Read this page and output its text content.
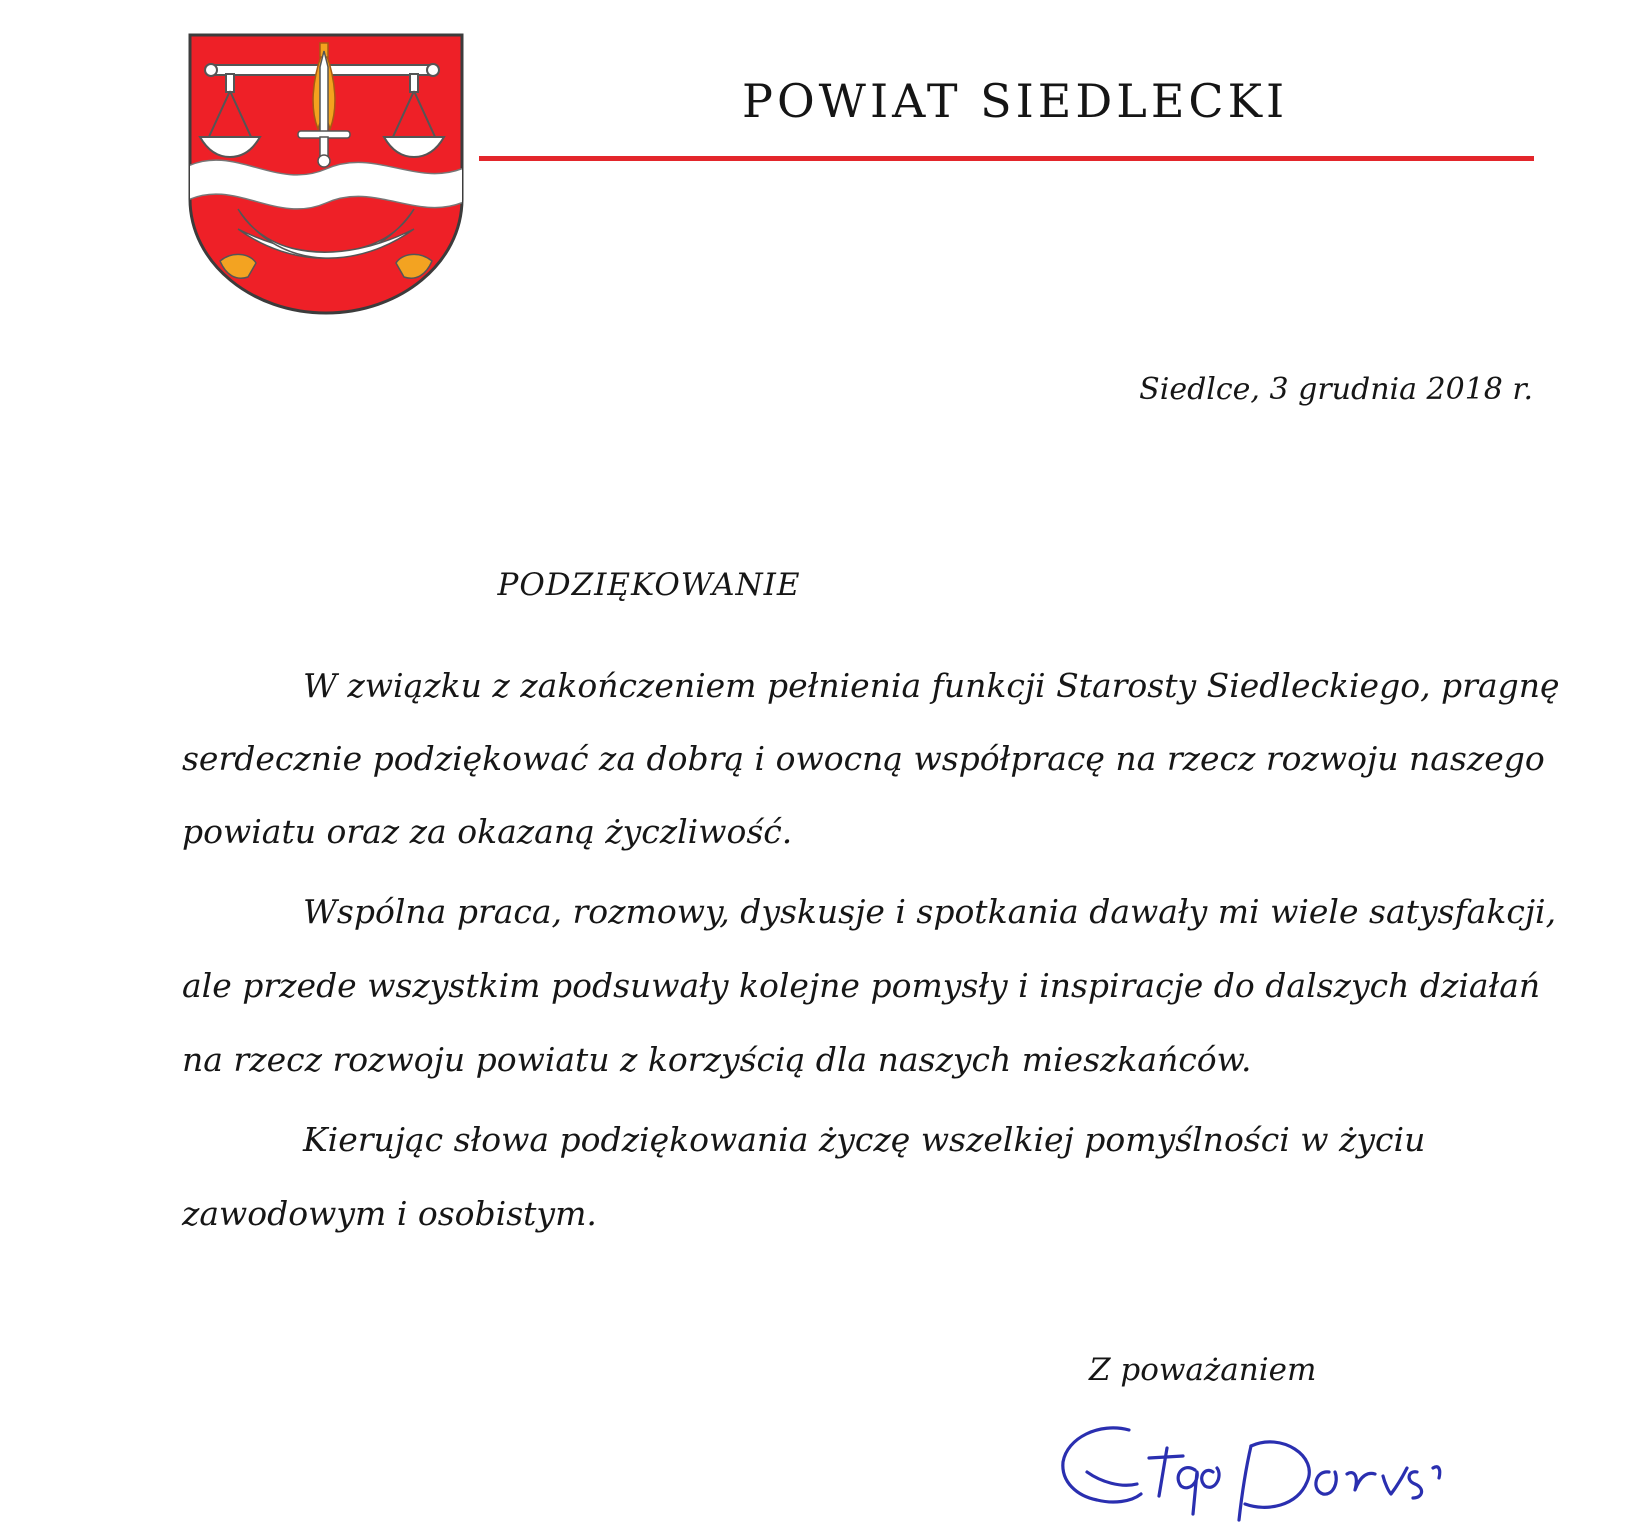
POWIAT SIEDLECKI
Siedlce, 3 grudnia 2018 r.
PODZIĘKOWANIE
W związku z zakończeniem pełnienia funkcji Starosty Siedleckiego, pragnę
serdecznie podziękować za dobrą i owocną współpracę na rzecz rozwoju naszego
powiatu oraz za okazaną życzliwość.
Wspólna praca, rozmowy, dyskusje i spotkania dawały mi wiele satysfakcji,
ale przede wszystkim podsuwały kolejne pomysły i inspiracje do dalszych działań
na rzecz rozwoju powiatu z korzyścią dla naszych mieszkańców.
Kierując słowa podziękowania życzę wszelkiej pomyślności w życiu
zawodowym i osobistym.
Z poważaniem
